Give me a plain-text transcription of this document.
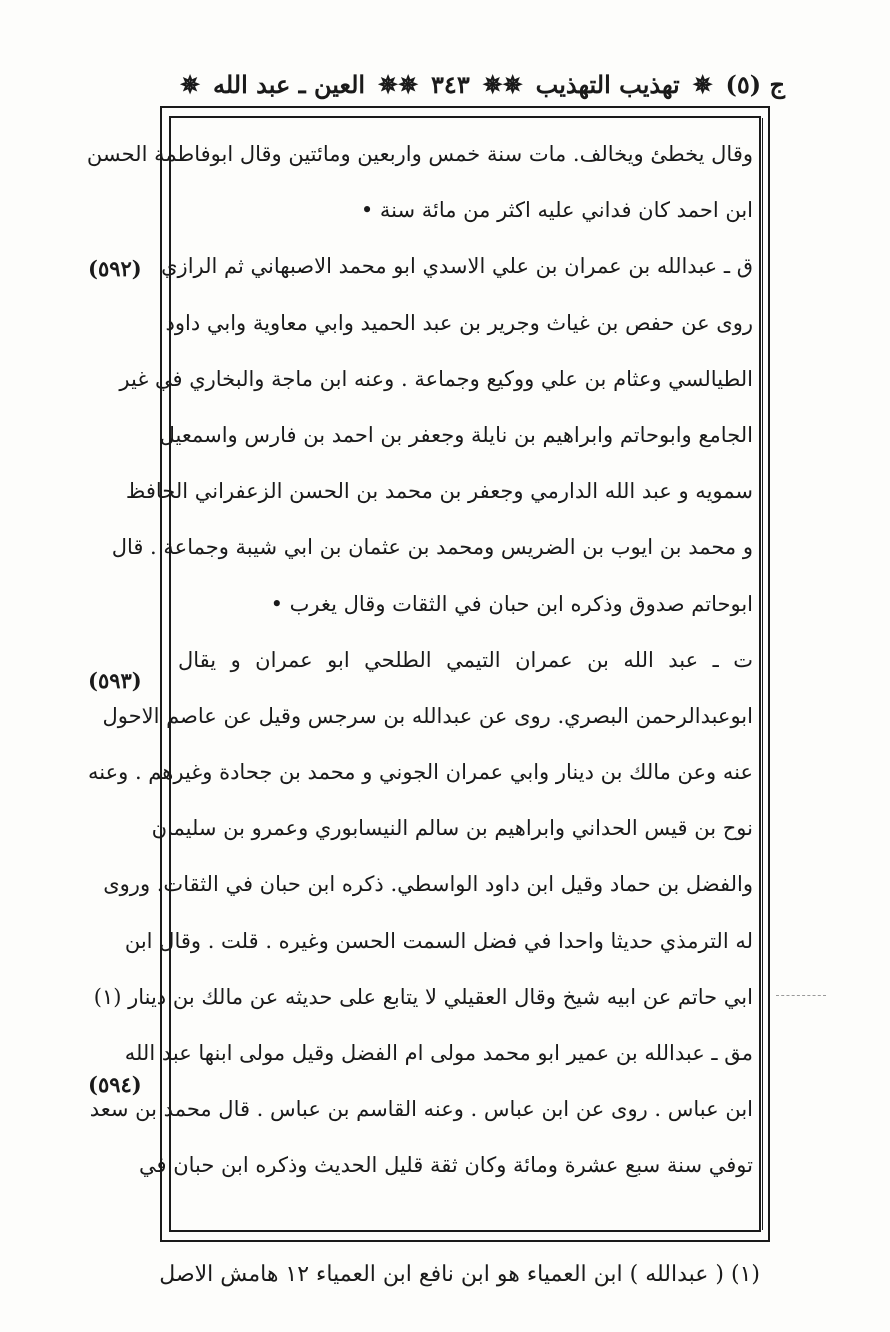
ج (٥)
✵
تهذيب التهذيب
✵✵
٣٤٣
✵✵
العين ـ عبد الله
✵
وقال يخطئ ويخالف. مات سنة خمس واربعين ومائتين وقال ابوفاطمة الحسن
ابن احمد كان فداني عليه اكثر من مائة سنة •
ق ـ عبدالله بن عمران بن علي الاسدي ابو محمد الاصبهاني ثم الرازي
روى عن حفص بن غياث وجرير بن عبد الحميد وابي معاوية وابي داود
الطيالسي وعثام بن علي ووكيع وجماعة . وعنه ابن ماجة والبخاري في غير
الجامع وابوحاتم وابراهيم بن نايلة وجعفر بن احمد بن فارس واسمعيل
سمويه و عبد الله الدارمي وجعفر بن محمد بن الحسن الزعفراني الحافظ
و محمد بن ايوب بن الضريس ومحمد بن عثمان بن ابي شيبة وجماعة . قال
ابوحاتم صدوق وذكره ابن حبان في الثقات وقال يغرب •
ت ـ عبد الله بن عمران التيمي الطلحي ابو عمران و يقال
ابوعبدالرحمن البصري. روى عن عبدالله بن سرجس وقيل عن عاصم الاحول
عنه وعن مالك بن دينار وابي عمران الجوني و محمد بن جحادة وغيرهم . وعنه
نوح بن قيس الحداني وابراهيم بن سالم النيسابوري وعمرو بن سليمان
والفضل بن حماد وقيل ابن داود الواسطي. ذكره ابن حبان في الثقات. وروى
له الترمذي حديثا واحدا في فضل السمت الحسن وغيره . قلت . وقال ابن
ابي حاتم عن ابيه شيخ وقال العقيلي لا يتابع على حديثه عن مالك بن دينار (١)
مق ـ عبدالله بن عمير ابو محمد مولى ام الفضل وقيل مولى ابنها عبد الله
ابن عباس . روى عن ابن عباس . وعنه القاسم بن عباس . قال محمد بن سعد
توفي سنة سبع عشرة ومائة وكان ثقة قليل الحديث وذكره ابن حبان في
(٥٩٢)
(٥٩٣)
(٥٩٤)
(١) ( عبدالله ) ابن العمياء هو ابن نافع ابن العمياء ١٢ هامش الاصل
